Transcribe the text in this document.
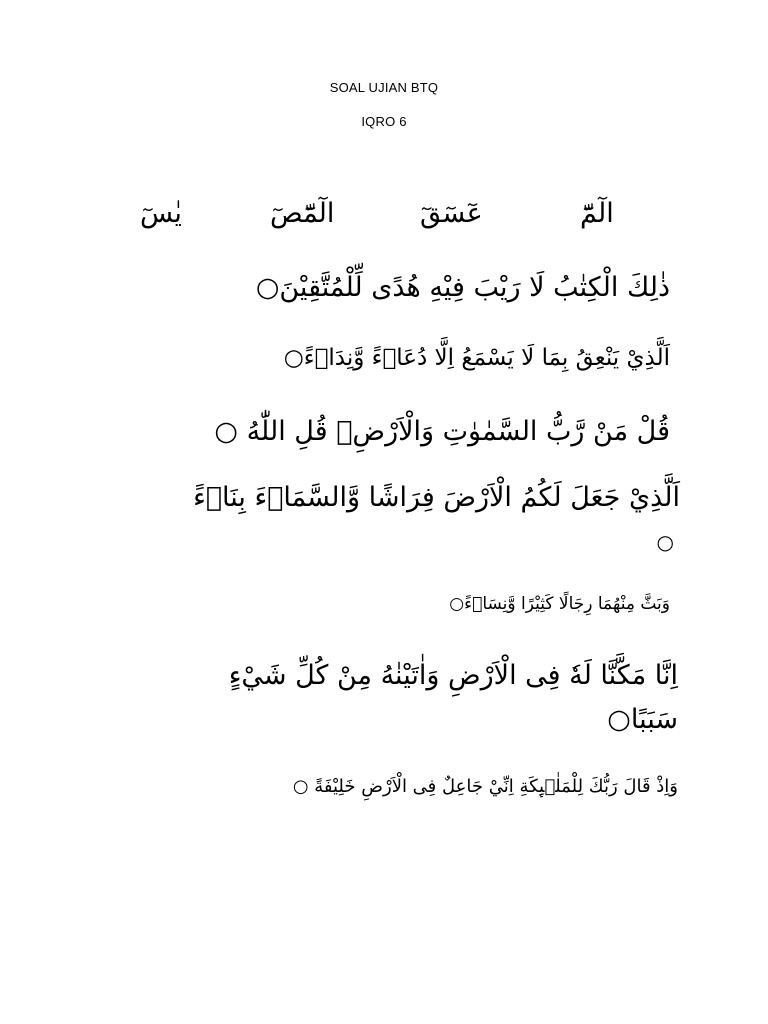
SOAL UJIAN BTQ
IQRO 6
الٓمّٓ
عٓسٓقٓ
الٓمّٓصٓ
يٰسٓ
ذٰلِكَ الْكِتٰبُ لَا رَيْبَ فِيْهِ هُدًى لِّلْمُتَّقِيْنَ○
اَلَّذِيْ يَنْعِقُ بِمَا لَا يَسْمَعُ اِلَّا دُعَاۤءً وَّنِدَاۤءً○
قُلْ مَنْ رَّبُّ السَّمٰوٰتِ وَالْاَرْضِۗ قُلِ اللّٰهُ ○
اَلَّذِيْ جَعَلَ لَكُمُ الْاَرْضَ فِرَاشًا وَّالسَّمَاۤءَ بِنَاۤءً
○
وَبَثَّ مِنْهُمَا رِجَالًا كَثِيْرًا وَّنِسَاۤءً○
اِنَّا مَكَّنَّا لَهٗ فِى الْاَرْضِ وَاٰتَيْنٰهُ مِنْ كُلِّ شَيْءٍ
سَبَبًا○
وَاِذْ قَالَ رَبُّكَ لِلْمَلٰۤىِٕكَةِ اِنِّيْ جَاعِلٌ فِى الْاَرْضِ خَلِيْفَةً ○
